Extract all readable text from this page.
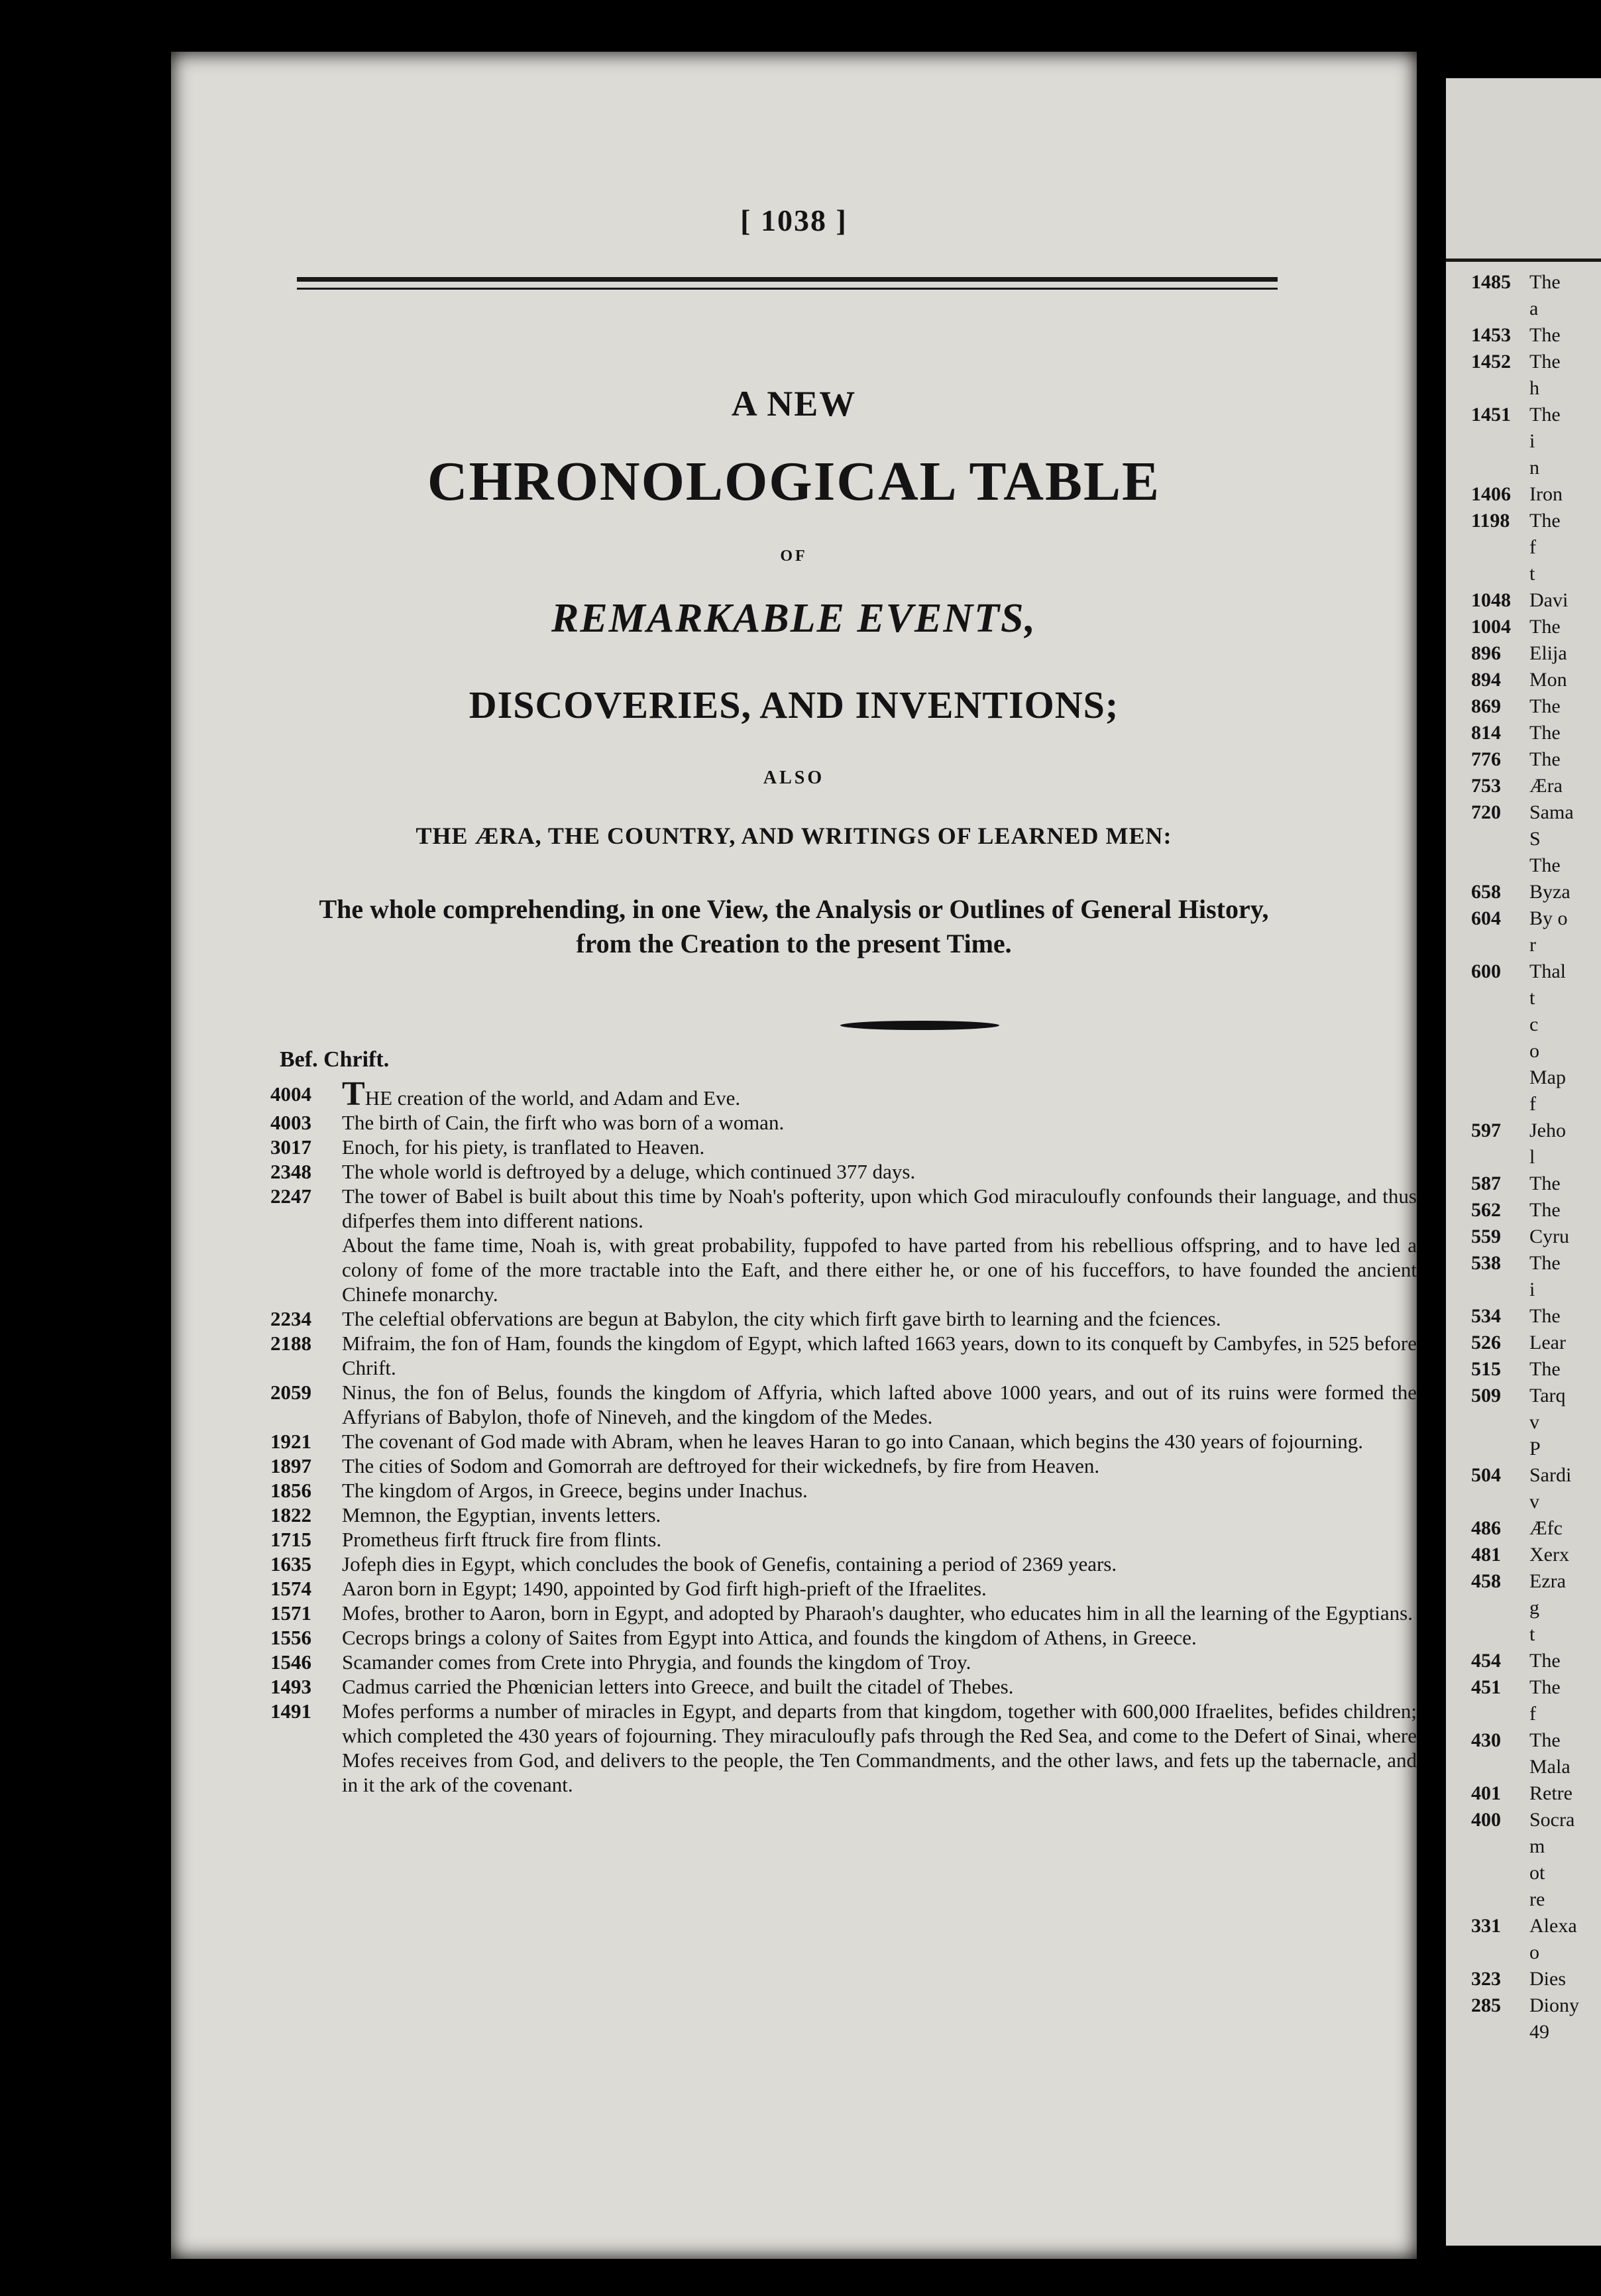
[ 1038 ]
A NEW
CHRONOLOGICAL TABLE
OF
REMARKABLE EVENTS,
DISCOVERIES, AND INVENTIONS;
ALSO
THE ÆRA, THE COUNTRY, AND WRITINGS OF LEARNED MEN:
The whole comprehending, in one View, the Analysis or Outlines of General History, from the Creation to the present Time.
Bef. Chrift.
4004 THE creation of the world, and Adam and Eve.
4003	The birth of Cain, the firft who was born of a woman.
3017	Enoch, for his piety, is tranflated to Heaven.
2348	The whole world is deftroyed by a deluge, which continued 377 days.
2247	The tower of Babel is built about this time by Noah's pofterity, upon which God miraculoufly confounds their language, and thus difperfes them into different nations.
About the fame time, Noah is, with great probability, fuppofed to have parted from his rebellious offspring, and to have led a colony of fome of the more tractable into the Eaft, and there either he, or one of his fucceffors, to have founded the ancient Chinefe monarchy.
2234	The celeftial obfervations are begun at Babylon, the city which firft gave birth to learning and the fciences.
2188	Mifraim, the fon of Ham, founds the kingdom of Egypt, which lafted 1663 years, down to its conqueft by Cambyfes, in 525 before Chrift.
2059	Ninus, the fon of Belus, founds the kingdom of Affyria, which lafted above 1000 years, and out of its ruins were formed the Affyrians of Babylon, thofe of Nineveh, and the kingdom of the Medes.
1921	The covenant of God made with Abram, when he leaves Haran to go into Canaan, which begins the 430 years of fojourning.
1897	The cities of Sodom and Gomorrah are deftroyed for their wickednefs, by fire from Heaven.
1856	The kingdom of Argos, in Greece, begins under Inachus.
1822	Memnon, the Egyptian, invents letters.
1715	Prometheus firft ftruck fire from flints.
1635	Jofeph dies in Egypt, which concludes the book of Genefis, containing a period of 2369 years.
1574	Aaron born in Egypt; 1490, appointed by God firft high-prieft of the Ifraelites.
1571	Mofes, brother to Aaron, born in Egypt, and adopted by Pharaoh's daughter, who educates him in all the learning of the Egyptians.
1556	Cecrops brings a colony of Saites from Egypt into Attica, and founds the kingdom of Athens, in Greece.
1546	Scamander comes from Crete into Phrygia, and founds the kingdom of Troy.
1493	Cadmus carried the Phœnician letters into Greece, and built the citadel of Thebes.
1491	Mofes performs a number of miracles in Egypt, and departs from that kingdom, together with 600,000 Ifraelites, befides children; which completed the 430 years of fojourning. They miraculoufly pafs through the Red Sea, and come to the Defert of Sinai, where Mofes receives from God, and delivers to the people, the Ten Commandments, and the other laws, and fets up the tabernacle, and in it the ark of the covenant.
1485 The
a
1453 The
1452 The
h
1451 The
i
n
1406 Iron
1198 The
f
t
1048 Davi
1004 The
896	Elija
894	Mon
869	The
814	The
776	The
753	Æra
720	Sama
S
The
658	Byza
604	By o
r
600	Thal
t
c
o
Map
f
597	Jeho
l
587	The
562	The
559	Cyru
538	The
i
534	The
526	Lear
515	The
509	Tarq
v
P
504	Sardi
v
486	Æfc
481	Xerx
458	Ezra
g
t
454	The
451	The
f
430	The
Mala
401	Retre
400	Socra
m
ot
re
331	Alexa
o
323	Dies
285	Diony
49
